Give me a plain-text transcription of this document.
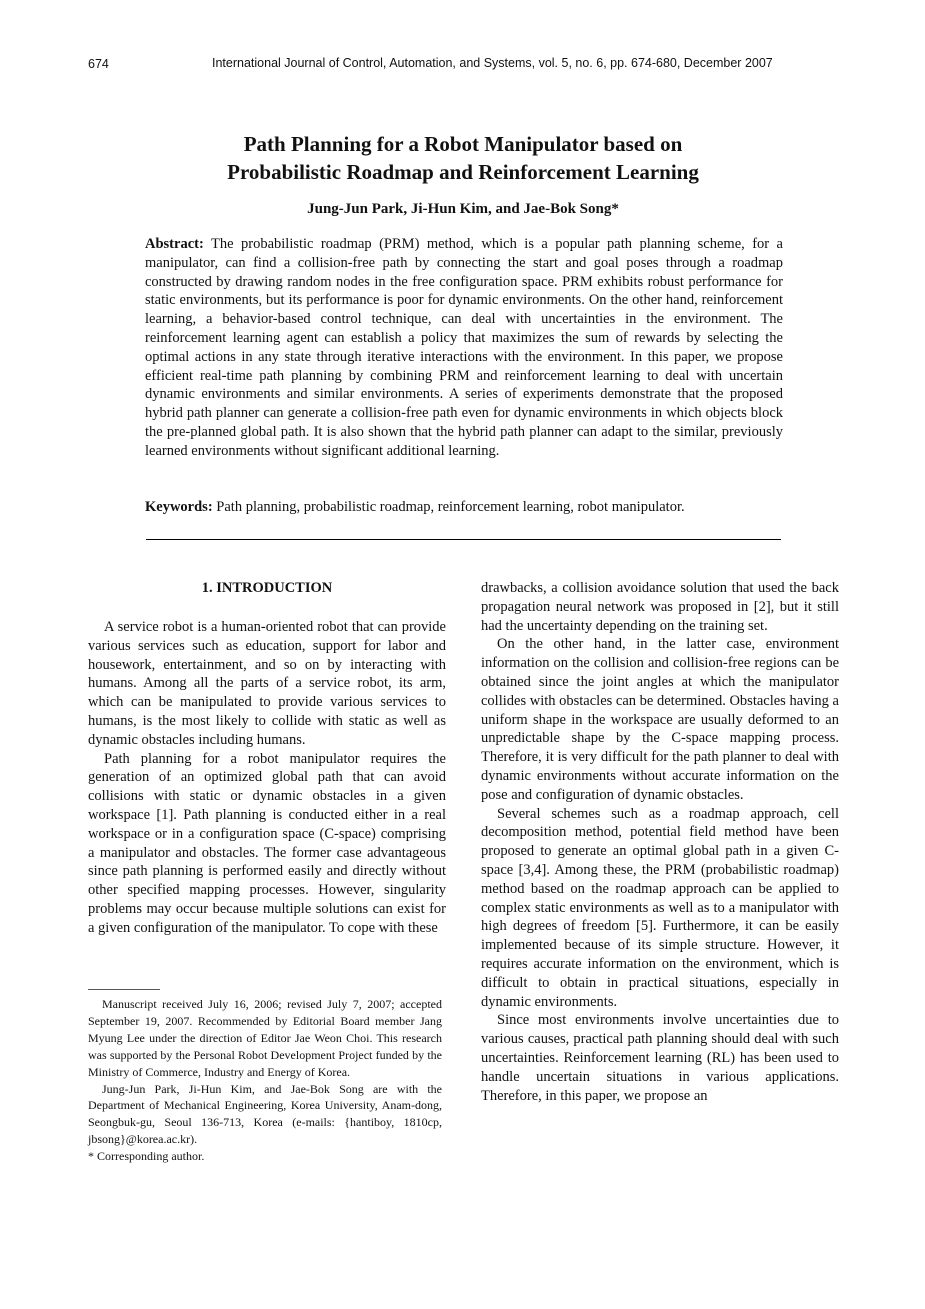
674	International Journal of Control, Automation, and Systems, vol. 5, no. 6, pp. 674-680, December 2007
Path Planning for a Robot Manipulator based on
Probabilistic Roadmap and Reinforcement Learning
Jung-Jun Park, Ji-Hun Kim, and Jae-Bok Song*

Abstract: The probabilistic roadmap (PRM) method, which is a popular path planning scheme, for a manipulator, can find a collision-free path by connecting the start and goal poses through a roadmap constructed by drawing random nodes in the free configuration space. PRM exhibits robust performance for static environments, but its performance is poor for dynamic environments. On the other hand, reinforcement learning, a behavior-based control technique, can deal with uncertainties in the environment. The reinforcement learning agent can establish a policy that maximizes the sum of rewards by selecting the optimal actions in any state through iterative interactions with the environment. In this paper, we propose efficient real-time path planning by combining PRM and reinforcement learning to deal with uncertain dynamic environments and similar environments. A series of experiments demonstrate that the proposed hybrid path planner can generate a collision-free path even for dynamic environments in which objects block the pre-planned global path. It is also shown that the hybrid path planner can adapt to the similar, previously learned environments without significant additional learning.

Keywords: Path planning, probabilistic roadmap, reinforcement learning, robot manipulator.

1. INTRODUCTION

A service robot is a human-oriented robot that can provide various services such as education, support for labor and housework, entertainment, and so on by interacting with humans. Among all the parts of a service robot, its arm, which can be manipulated to provide various services to humans, is the most likely to collide with static as well as dynamic obstacles including humans.

Path planning for a robot manipulator requires the generation of an optimized global path that can avoid collisions with static or dynamic obstacles in a given workspace [1]. Path planning is conducted either in a real workspace or in a configuration space (C-space) comprising a manipulator and obstacles. The former case advantageous since path planning is performed easily and directly without other specified mapping processes. However, singularity problems may occur because multiple solutions can exist for a given configuration of the manipulator. To cope with these

Manuscript received July 16, 2006; revised July 7, 2007; accepted September 19, 2007. Recommended by Editorial Board member Jang Myung Lee under the direction of Editor Jae Weon Choi. This research was supported by the Personal Robot Development Project funded by the Ministry of Commerce, Industry and Energy of Korea.

Jung-Jun Park, Ji-Hun Kim, and Jae-Bok Song are with the Department of Mechanical Engineering, Korea University, Anam-dong, Seongbuk-gu, Seoul 136-713, Korea (e-mails: {hantiboy, 1810cp, jbsong}@korea.ac.kr).

* Corresponding author.

drawbacks, a collision avoidance solution that used the back propagation neural network was proposed in [2], but it still had the uncertainty depending on the training set.

On the other hand, in the latter case, environment information on the collision and collision-free regions can be obtained since the joint angles at which the manipulator collides with obstacles can be determined. Obstacles having a uniform shape in the workspace are usually deformed to an unpredictable shape by the C-space mapping process. Therefore, it is very difficult for the path planner to deal with dynamic environments without accurate information on the pose and configuration of dynamic obstacles.

Several schemes such as a roadmap approach, cell decomposition method, potential field method have been proposed to generate an optimal global path in a given C-space [3,4]. Among these, the PRM (probabilistic roadmap) method based on the roadmap approach can be applied to complex static environments as well as to a manipulator with high degrees of freedom [5]. Furthermore, it can be easily implemented because of its simple structure. However, it requires accurate information on the environment, which is difficult to obtain in practical situations, especially in dynamic environments.

Since most environments involve uncertainties due to various causes, practical path planning should deal with such uncertainties. Reinforcement learning (RL) has been used to handle uncertain situations in various applications. Therefore, in this paper, we propose an
